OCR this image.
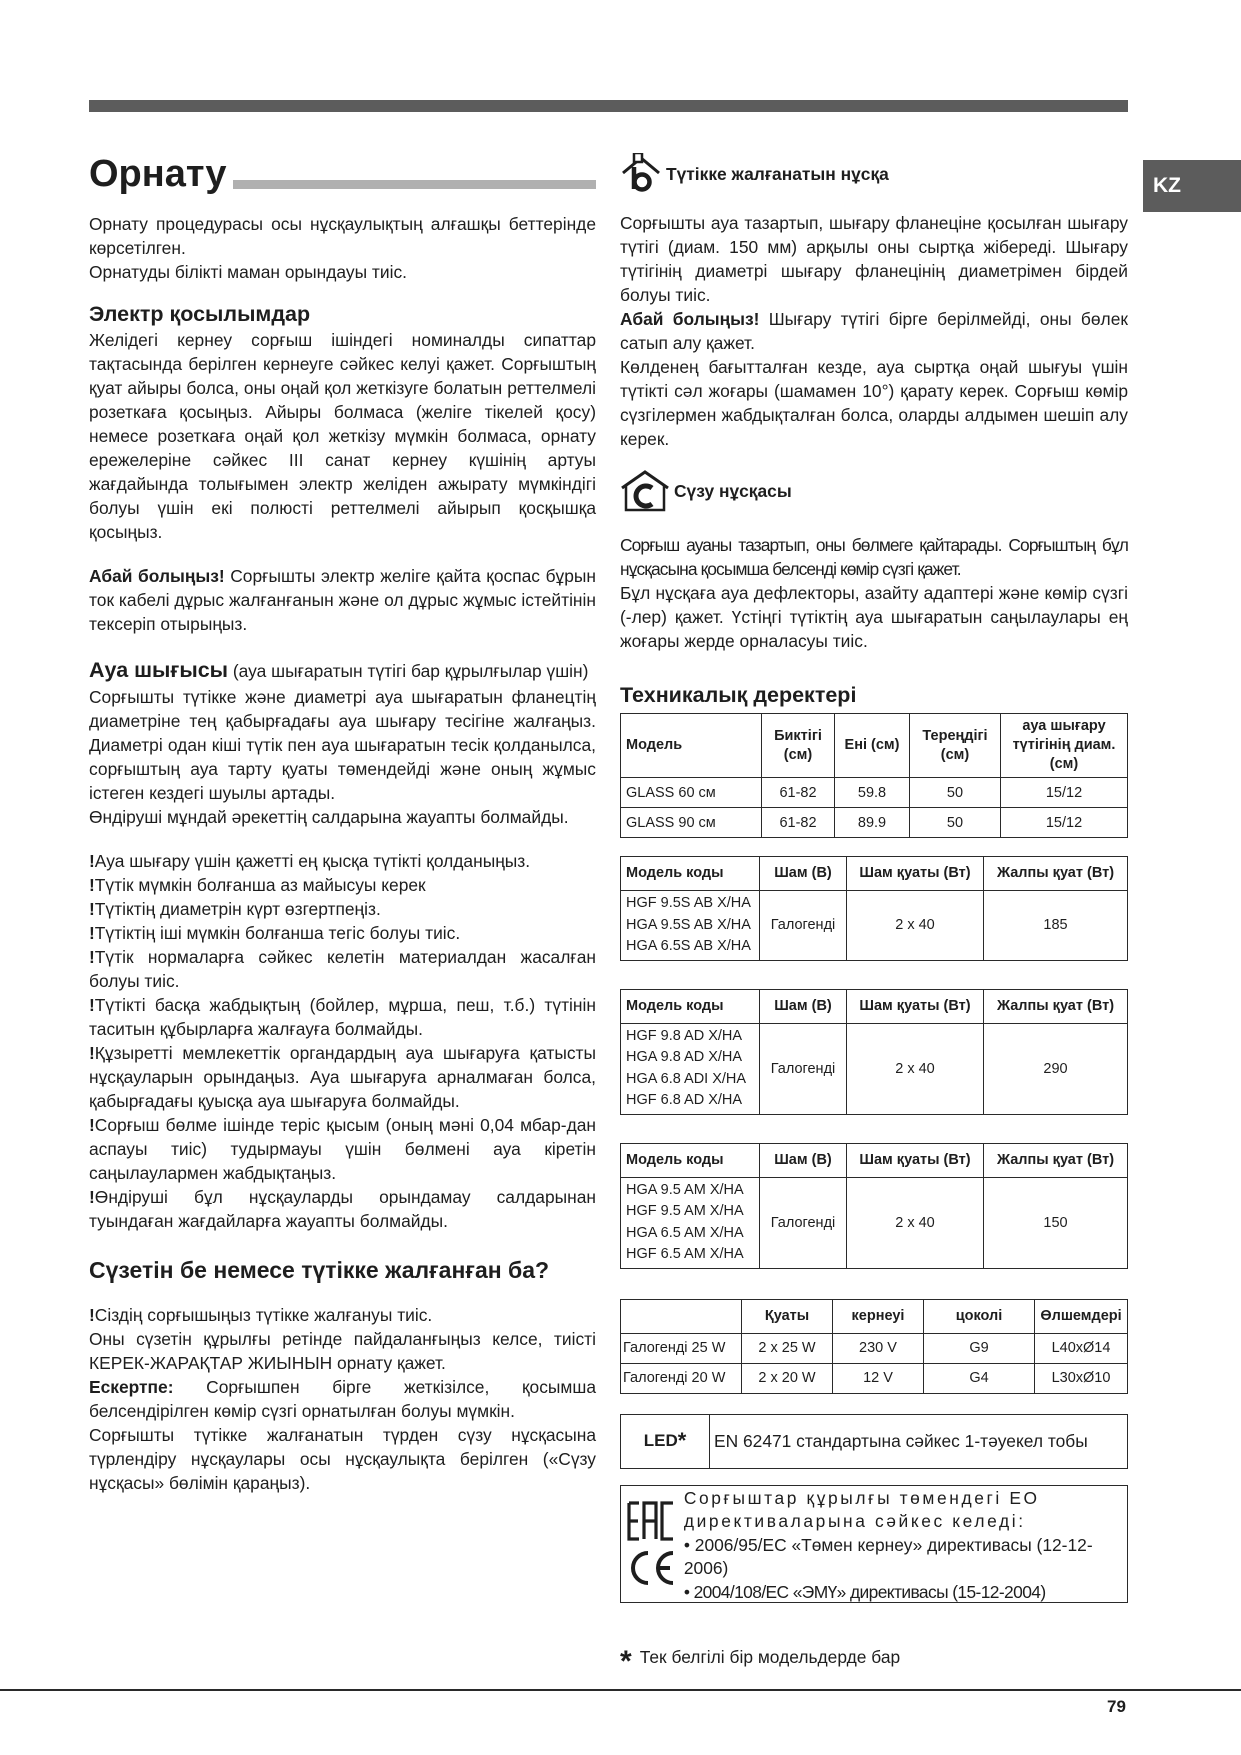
KZ
Орнату

Орнату процедурасы осы нұсқаулықтың алғашқы беттерінде көрсетілген.

Орнатуды білікті маман орындауы тиіс.

Электр қосылымдар

Желідегі кернеу сорғыш ішіндегі номиналды сипаттар тақтасында берілген кернеуге сәйкес келуі қажет. Сорғыштың қуат айыры болса, оны оңай қол жеткізуге болатын реттелмелі розеткаға қосыңыз. Айыры болмаса (желіге тікелей қосу) немесе розеткаға оңай қол жеткізу мүмкін болмаса, орнату ережелеріне сәйкес III санат кернеу күшінің артуы жағдайында толығымен электр желіден ажырату мүмкіндігі болуы үшін екі полюсті реттелмелі айырып қосқышқа қосыңыз.

Абай болыңыз! Сорғышты электр желіге қайта қоспас бұрын ток кабелі дұрыс жалғанғанын және ол дұрыс жұмыс істейтінін тексеріп отырыңыз.

Ауа шығысы (ауа шығаратын түтігі бар құрылғылар үшін)

Сорғышты түтікке және диаметрі ауа шығаратын фланецтің диаметріне тең қабырғадағы ауа шығару тесігіне жалғаңыз. Диаметрі одан кіші түтік пен ауа шығаратын тесік қолданылса, сорғыштың ауа тарту қуаты төмендейді және оның жұмыс істеген кездегі шуылы артады.

Өндіруші мұндай әрекеттің салдарына жауапты болмайды.

!Ауа шығару үшін қажетті ең қысқа түтікті қолданыңыз.

!Түтік мүмкін болғанша аз майысуы керек

!Түтіктің диаметрін күрт өзгертпеңіз.

!Түтіктің іші мүмкін болғанша тегіс болуы тиіс.

!Түтік нормаларға сәйкес келетін материалдан жасалған болуы тиіс.

!Түтікті басқа жабдықтың (бойлер, мұрша, пеш, т.б.) түтінін таситын құбырларға жалғауға болмайды.

!Құзыретті мемлекеттік органдардың ауа шығаруға қатысты нұсқауларын орындаңыз. Ауа шығаруға арналмаған болса, қабырғадағы қуысқа ауа шығаруға болмайды.

!Сорғыш бөлме ішінде теріс қысым (оның мәні 0,04 мбар-дан аспауы тиіс) тудырмауы үшін бөлмені ауа кіретін саңылаулармен жабдықтаңыз.

!Өндіруші бұл нұсқауларды орындамау салдарынан туындаған жағдайларға жауапты болмайды.

Сүзетін бе немесе түтікке жалғанған ба?

!Сіздің сорғышыңыз түтікке жалғануы тиіс.

Оны сүзетін құрылғы ретінде пайдаланғыңыз келсе, тиісті КЕРЕК-ЖАРАҚТАР ЖИЫНЫН орнату қажет.

Ескертпе: Сорғышпен бірге жеткізілсе, қосымша белсендірілген көмір сүзгі орнатылған болуы мүмкін.

Сорғышты түтікке жалғанатын түрден сүзу нұсқасына түрлендіру нұсқаулары осы нұсқаулықта берілген («Сүзу нұсқасы» бөлімін қараңыз).

Түтікке жалғанатын нұсқа

Сорғышты ауа тазартып, шығару фланеціне қосылған шығару түтігі (диам. 150 мм) арқылы оны сыртқа жібереді. Шығару түтігінің диаметрі шығару фланецінің диаметрімен бірдей болуы тиіс.

Абай болыңыз! Шығару түтігі бірге берілмейді, оны бөлек сатып алу қажет.

Көлденең бағытталған кезде, ауа сыртқа оңай шығуы үшін түтікті сәл жоғары (шамамен 10°) қарату керек. Сорғыш көмір сүзгілермен жабдықталған болса, оларды алдымен шешіп алу керек.

Сүзу нұсқасы

Сорғыш ауаны тазартып, оны бөлмеге қайтарады. Сорғыштың бұл нұсқасына қосымша белсенді көмір сүзгі қажет.

Бұл нұсқаға ауа дефлекторы, азайту адаптері және көмір сүзгі (-лер) қажет. Үстіңгі түтіктің ауа шығаратын саңылаулары ең жоғары жерде орналасуы тиіс.

Техникалық деректері
Модель	Биктігі (см)	Ені (см)	Тереңдігі (см)	ауа шығару түтігінің диам. (см)
GLASS 60 см	61-82	59.8	50	15/12
GLASS 90 см	61-82	89.9	50	15/12
Модель коды	Шам (В)	Шам қуаты (Вт)	Жалпы қуат (Вт)

HGF 9.5S AB X/HA
HGA 9.5S AB X/HA
HGA 6.5S AB X/HA	Галогенді	2 x 40	185
Модель коды	Шам (В)	Шам қуаты (Вт)	Жалпы қуат (Вт)

HGF 9.8 AD X/HA
HGA 9.8 AD X/HA
HGA 6.8 ADI X/HA
HGF 6.8 AD X/HA	Галогенді	2 x 40	290
Модель коды	Шам (В)	Шам қуаты (Вт)	Жалпы қуат (Вт)

HGA 9.5 AM X/HA
HGF 9.5 AM X/HA
HGA 6.5 AM X/HA
HGF 6.5 AM X/HA	Галогенді	2 x 40	150
	Қуаты	кернеуі	цоколі	Өлшемдері
Галогенді 25 W	2 x 25 W	230 V	G9	L40xØ14
Галогенді 20 W	2 x 20 W	12 V	G4	L30xØ10
LED * EN 62471 стандартына сәйкес 1-тәуекел тобы
Сорғыштар құрылғы төмендегі ЕО директиваларына сәйкес келеді:
• 2006/95/EC «Төмен кернеу» директивасы (12-12-2006)
• 2004/108/EC «ЭМҮ» директивасы (15-12-2004)
* Тек белгілі бір модельдерде бар
79
